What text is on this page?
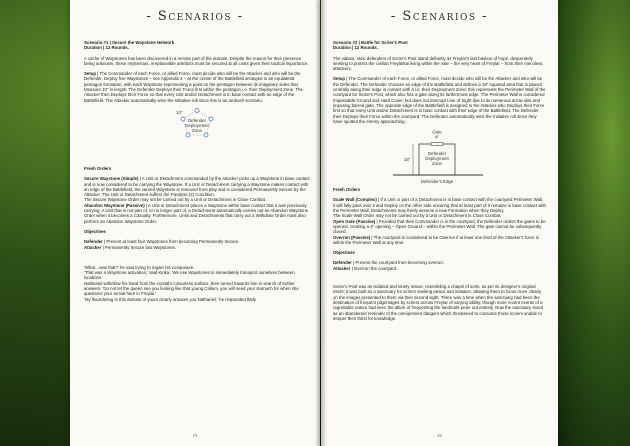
- Scenarios -

Scenario #1 | Secure the Waystone Network

Duration | 12 Rounds.

A cache of Waystones has been discovered in a remote part of the domain. Despite the reason for their presence being unknown, these mysterious, irreplaceable artefacts must be secured at all costs given their tactical importance.

Setup | The Commander of each Force, or allied Force, must decide who will be the Attacker and who will be the Defender. Deploy five Waystones – see Appendix 4 – at the centre of the Battlefield arranged in an equilateral pentagon formation, with each Waystone representing a point on the pentagon between its imaginary sides that Measure 10" in length. The Defender Deploys their Force first within the pentagon i.e. their Deployment Zone. The Attacker then Deploys their Force so that every Unit and/or Detachment is in base contact with an edge of the Battlefield. The Attacker automatically wins the Initiative roll since this is an ambush scenario.

10"
Defender
Deployment
Zone

Fresh Orders

Secure Waystone (Simple) | A Unit or Detachment commanded by the Attacker picks up a Waystone in base contact and is now considered to be carrying the Waystone. If a Unit or Detachment carrying a Waystone makes contact with an edge of the Battlefield, the carried Waystone is removed from play and is considered Permanently Secure by the Attacker. The Unit or Detachment suffers the Paralyse (2) Condition.
The Secure Waystone Order may not be carried out by a Unit or Detachment in Close Combat.
Abandon Waystone (Passive) | A Unit or Detachment places a Waystone within base contact that it was previously carrying. A Unit that is not part of, or no longer part of, a Detachment automatically carries out an Abandon Waystone Order when it becomes a Casualty. Furthermore, Units and Detachments that carry out a Withdraw Order must also perform an Abandon Waystone Order.

Objectives

Defender | Prevent at least four Waystones from becoming Permanently Secure.

Attacker | Permanently Secure two Waystones.

'What…was that?' he said trying to regain his composure.

'That was a Waystone activation,' said Kirika. 'We use Waystones to immediately transport ourselves between locations.'

Nathaniel withdrew his hand from the crystal's colourless surface, then turned towards him in search of further answers. 'Do not let the queen see you looking like that young Callum, you will need your stomach for when she questions your arrival here in Freylar.'

'My floundering in this domain of yours clearly amuses you Nathaniel.' he responded flatly.

15
- Scenarios -

Scenario #2 | Battle for Scrier's Post

Duration | 12 Rounds.

The valiant, stoic defenders of Scrier's Post stand defiantly as Freylar's last bastion of hope, desperately seeking to protect the civilian Freylarkai living within the vale – the very heart of Freylar – from their merciless attackers.

Setup | The Commander of each Force, or allied Force, must decide who will be the Attacker and who will be the Defender. The Defender chooses an edge of the Battlefield and defines a 18" squared area that is placed centrally along their edge in contact with it i.e. their Deployment Zone; this represents the Perimeter Wall of the courtyard for Scrier's Post, which also has a gate along its furthermost edge. The Perimeter Wall is considered Impassable Ground and Hard Cover, but does not interrupt Line of Sight due to its numerous arrow slits and imposing barred gate. The opposite edge of the Battlefield is assigned to the Attacker who Deploys their Force first so that every Unit and/or Detachment is in base contact with their edge of the Battlefield. The Defender then Deploys their Force within the courtyard. The Defender automatically wins the Initiative roll since they have spotted the enemy approaching.

Gate
4"
18"
Defender
Deployment
Zone
Defender's Edge

Fresh Orders

Scale Wall (Complex) | If a Unit or part of a Detachment is in base contact with the courtyard Perimeter Wall, it will fully pass over it and Deploy on the other side ensuring that at least part of it remains in base contact with the Perimeter Wall. Detachments may freely assume a new Formation when they Deploy.
The Scale Wall Order may not be carried out by a Unit or Detachment in Close Combat.
Open Gate (Passive) | Provided that their Commander is in the courtyard, the Defender orders the gates to be opened, creating a 4" opening – Open Ground – within the Perimeter Wall. The gate cannot be subsequently closed.
Overrun (Passive) | The courtyard is considered to be Overrun if at least one third of the Attacker's force is within the Perimeter Wall at any time.

Objectives

Defender | Prevent the courtyard from becoming overrun.

Attacker | Overrun the courtyard.

Scrier's Post was an isolated and lonely manor, resembling a chapel of sorts, as per its designer's original intent; it was built as a sanctuary for scriers seeking peace and isolation, allowing them to focus more clearly on the images presented to them via their second sight. There was a time when the sanctuary had been the destination of frequent pilgrimages by scriers across Freylar of varying ability, though more recent events of a regrettable nature had seen the allure of frequenting the landmark peter out entirely. Now the sanctuary stood as an abandoned reminder of the omnipresent dangers which threatened to consume those scriers unable to temper their thirst for knowledge.

22
